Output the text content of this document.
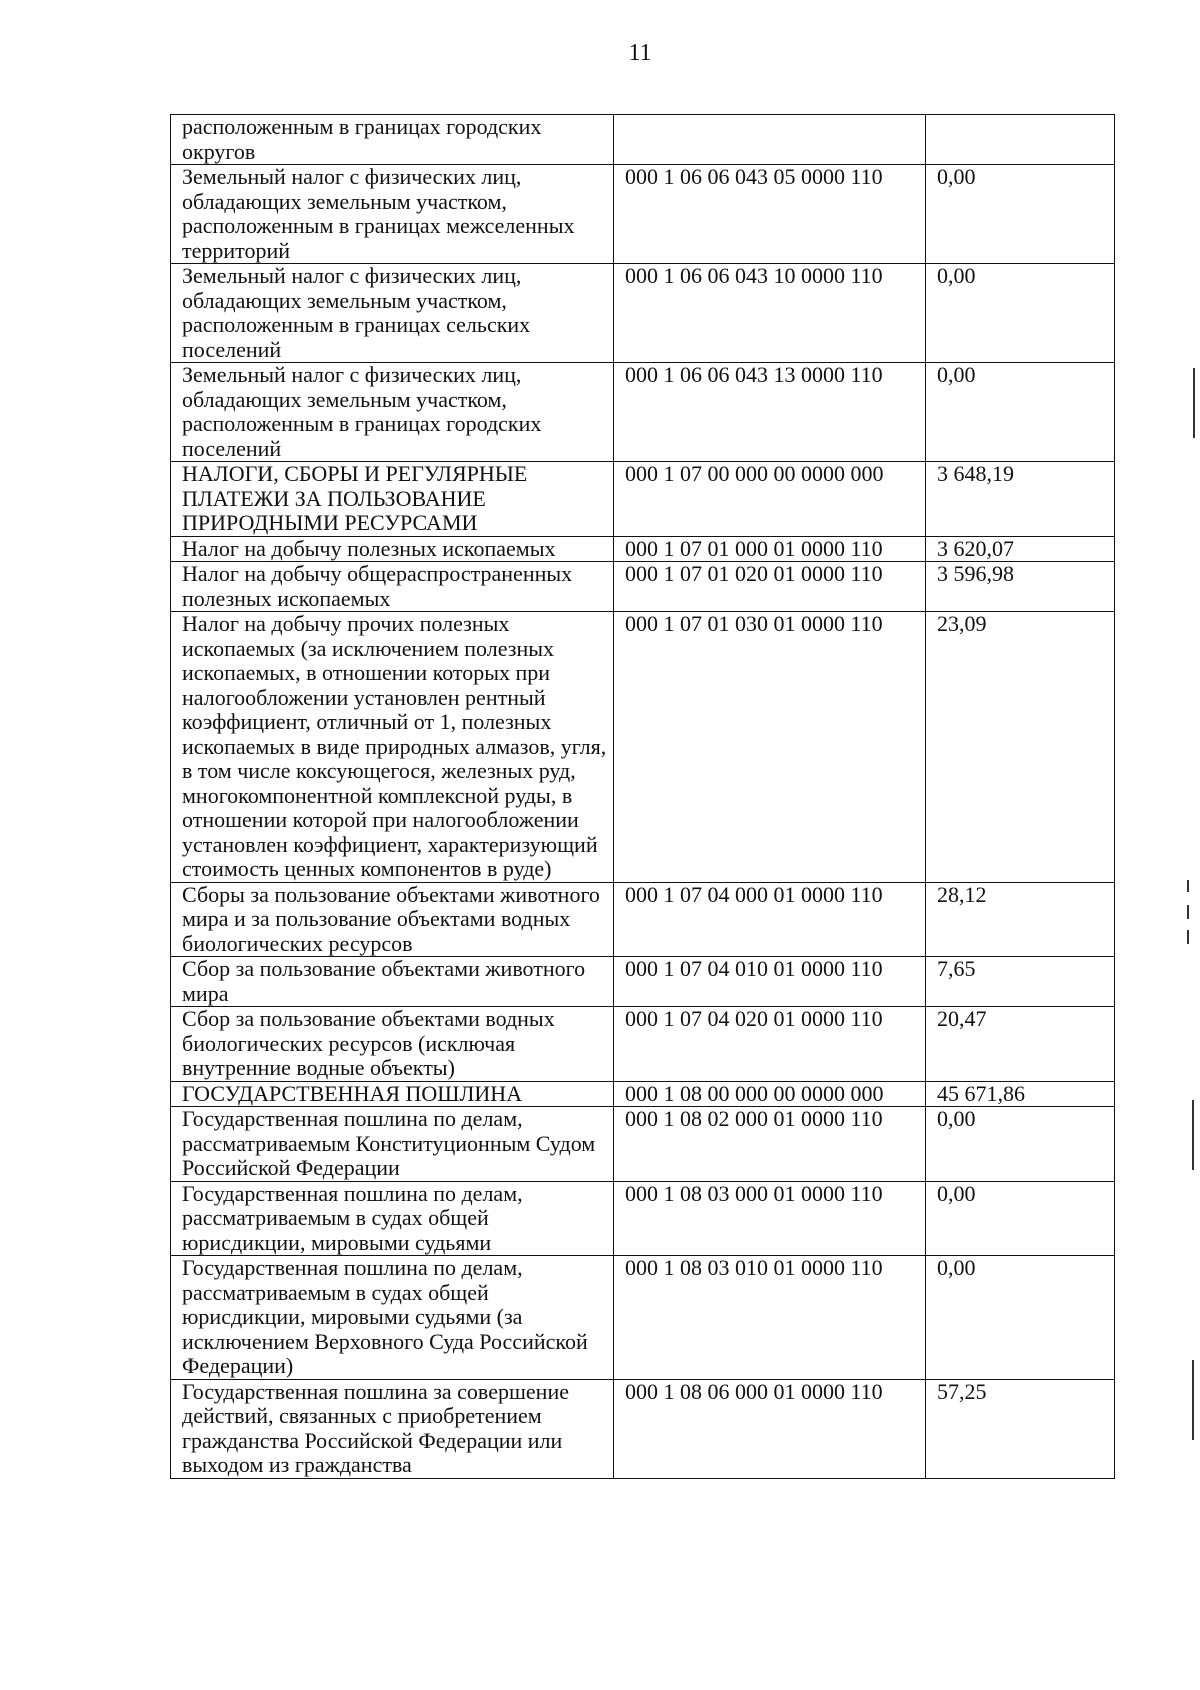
11
расположенным в границах городских округов		
Земельный налог с физических лиц, обладающих земельным участком, расположенным в границах межселенных территорий	000 1 06 06 043 05 0000 110	0,00
Земельный налог с физических лиц, обладающих земельным участком, расположенным в границах сельских поселений	000 1 06 06 043 10 0000 110	0,00
Земельный налог с физических лиц, обладающих земельным участком, расположенным в границах городских поселений	000 1 06 06 043 13 0000 110	0,00
НАЛОГИ, СБОРЫ И РЕГУЛЯРНЫЕ ПЛАТЕЖИ ЗА ПОЛЬЗОВАНИЕ ПРИРОДНЫМИ РЕСУРСАМИ	000 1 07 00 000 00 0000 000	3 648,19
Налог на добычу полезных ископаемых	000 1 07 01 000 01 0000 110	3 620,07
Налог на добычу общераспространенных полезных ископаемых	000 1 07 01 020 01 0000 110	3 596,98
Налог на добычу прочих полезных ископаемых (за исключением полезных ископаемых, в отношении которых при налогообложении установлен рентный коэффициент, отличный от 1, полезных ископаемых в виде природных алмазов, угля, в том числе коксующегося, железных руд, многокомпонентной комплексной руды, в отношении которой при налогообложении установлен коэффициент, характеризующий стоимость ценных компонентов в руде)	000 1 07 01 030 01 0000 110	23,09
Сборы за пользование объектами животного мира и за пользование объектами водных биологических ресурсов	000 1 07 04 000 01 0000 110	28,12
Сбор за пользование объектами животного мира	000 1 07 04 010 01 0000 110	7,65
Сбор за пользование объектами водных биологических ресурсов (исключая внутренние водные объекты)	000 1 07 04 020 01 0000 110	20,47
ГОСУДАРСТВЕННАЯ ПОШЛИНА	000 1 08 00 000 00 0000 000	45 671,86
Государственная пошлина по делам, рассматриваемым Конституционным Судом Российской Федерации	000 1 08 02 000 01 0000 110	0,00
Государственная пошлина по делам, рассматриваемым в судах общей юрисдикции, мировыми судьями	000 1 08 03 000 01 0000 110	0,00
Государственная пошлина по делам, рассматриваемым в судах общей юрисдикции, мировыми судьями (за исключением Верховного Суда Российской Федерации)	000 1 08 03 010 01 0000 110	0,00
Государственная пошлина за совершение действий, связанных с приобретением гражданства Российской Федерации или выходом из гражданства	000 1 08 06 000 01 0000 110	57,25
